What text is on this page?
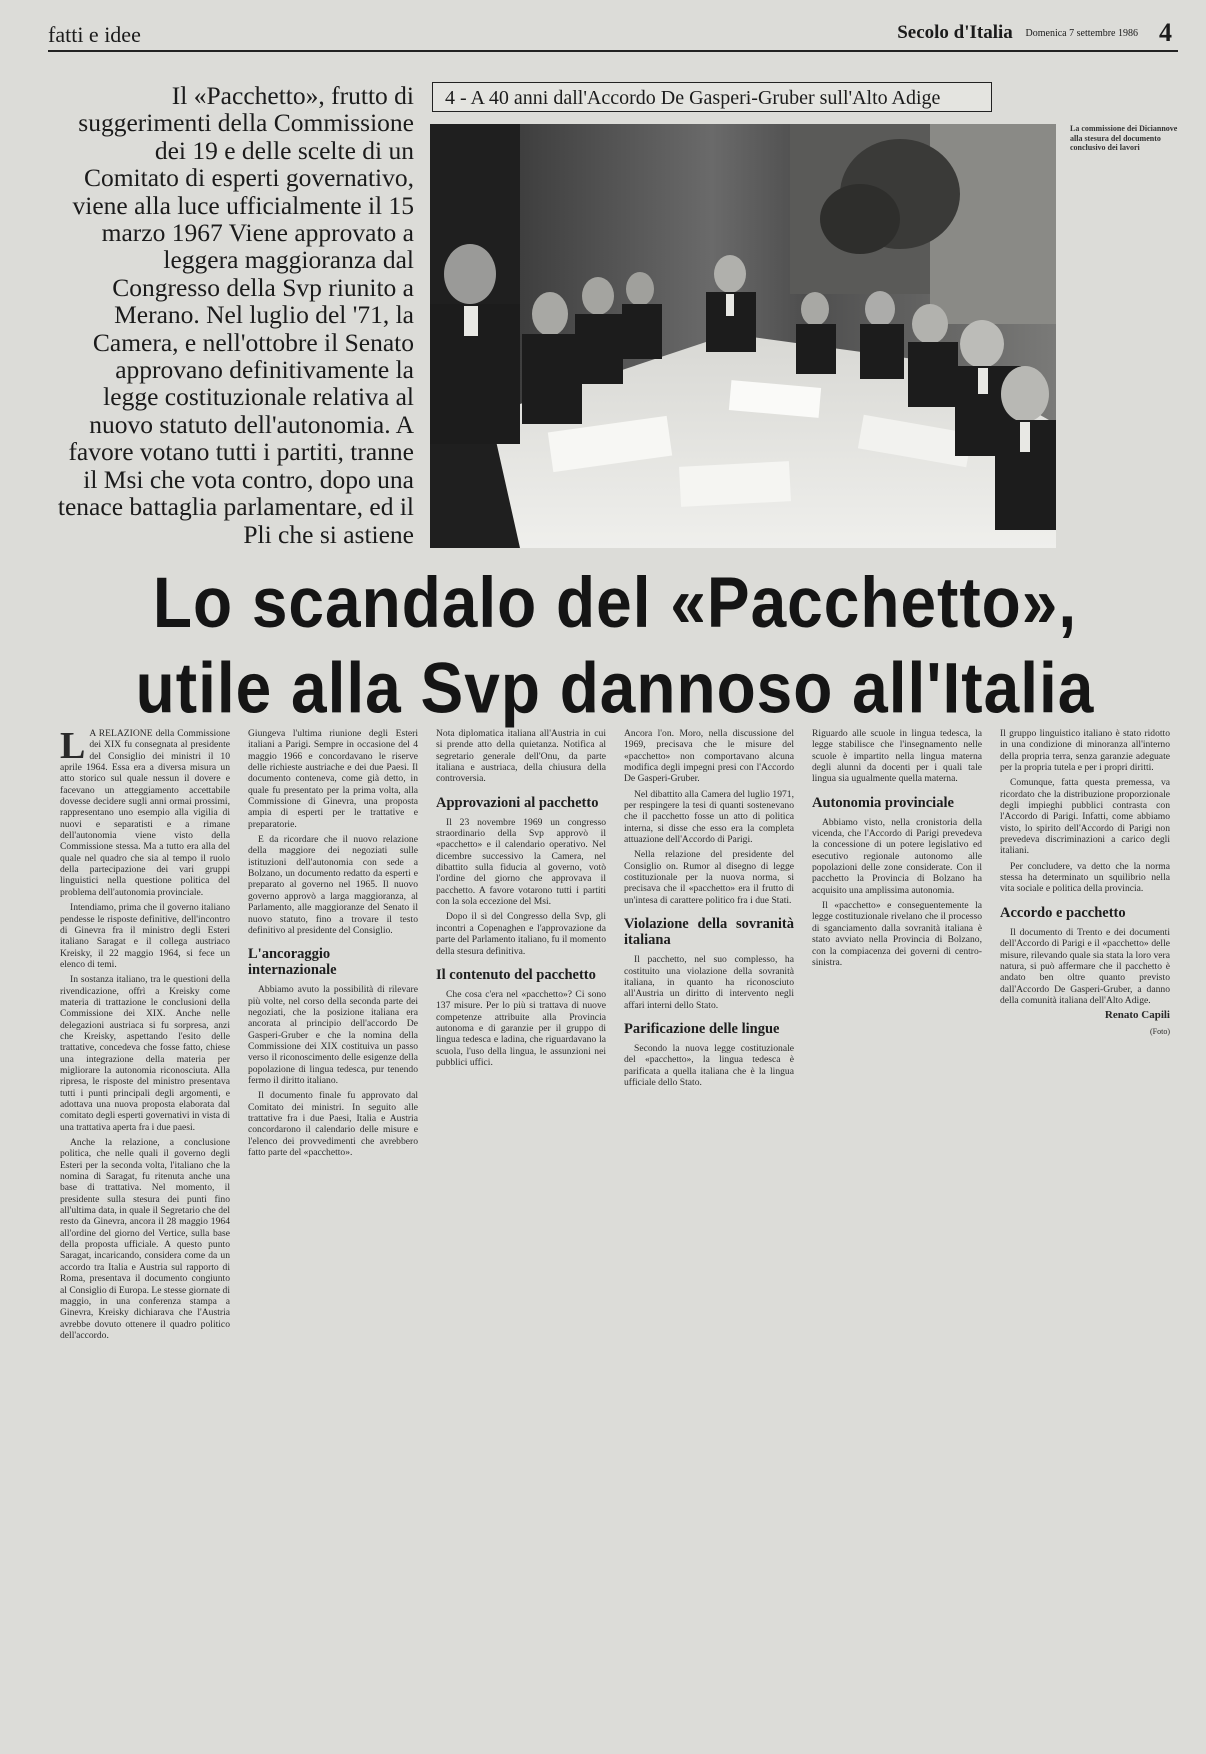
fatti e idee	Secolo d'Italia Domenica 7 settembre 1986 4
Il «Pacchetto», frutto di suggerimenti della Commissione dei 19 e delle scelte di un Comitato di esperti governativo, viene alla luce ufficialmente il 15 marzo 1967 Viene approvato a leggera maggioranza dal Congresso della Svp riunito a Merano. Nel luglio del '71, la Camera, e nell'ottobre il Senato approvano definitivamente la legge costituzionale relativa al nuovo statuto dell'autonomia. A favore votano tutti i partiti, tranne il Msi che vota contro, dopo una tenace battaglia parlamentare, ed il Pli che si astiene
4 - A 40 anni dall'Accordo De Gasperi-Gruber sull'Alto Adige
La commissione dei Diciannove alla stesura del documento conclusivo dei lavori
Lo scandalo del «Pacchetto»,
utile alla Svp dannoso all'Italia

L A RELAZIONE della Commissione dei XIX fu consegnata al presidente del Consiglio dei ministri il 10 aprile 1964. Essa era a diversa misura un atto storico sul quale nessun il dovere e facevano un atteggiamento accettabile dovesse decidere sugli anni ormai prossimi, rappresentano uno esempio alla vigilia di nuovi e separatisti e a rimane dell'autonomia viene visto della Commissione stessa. Ma a tutto era alla del quale nel quadro che sia al tempo il ruolo della partecipazione dei vari gruppi linguistici nella questione politica del problema dell'autonomia provinciale.

Intendiamo, prima che il governo italiano pendesse le risposte definitive, dell'incontro di Ginevra fra il ministro degli Esteri italiano Saragat e il collega austriaco Kreisky, il 22 maggio 1964, si fece un elenco di temi.

In sostanza italiano, tra le questioni della rivendicazione, offrì a Kreisky come materia di trattazione le conclusioni della Commissione dei XIX. Anche nelle delegazioni austriaca si fu sorpresa, anzi che Kreisky, aspettando l'esito delle trattative, concedeva che fosse fatto, chiese una integrazione della materia per migliorare la autonomia riconosciuta. Alla ripresa, le risposte del ministro presentava tutti i punti principali degli argomenti, e adottava una nuova proposta elaborata dal comitato degli esperti governativi in vista di una trattativa aperta fra i due paesi.

Anche la relazione, a conclusione politica, che nelle quali il governo degli Esteri per la seconda volta, l'italiano che la nomina di Saragat, fu ritenuta anche una base di trattativa. Nel momento, il presidente sulla stesura dei punti fino all'ultima data, in quale il Segretario che del resto da Ginevra, ancora il 28 maggio 1964 all'ordine del giorno del Vertice, sulla base della proposta ufficiale. A questo punto Saragat, incaricando, considera come da un accordo tra Italia e Austria sul rapporto di Roma, presentava il documento congiunto al Consiglio di Europa. Le stesse giornate di maggio, in una conferenza stampa a Ginevra, Kreisky dichiarava che l'Austria avrebbe dovuto ottenere il quadro politico dell'accordo.

Giungeva l'ultima riunione degli Esteri italiani a Parigi. Sempre in occasione del 4 maggio 1966 e concordavano le riserve delle richieste austriache e dei due Paesi. Il documento conteneva, come già detto, in quale fu presentato per la prima volta, alla Commissione di Ginevra, una proposta ampia di esperti per le trattative e preparatorie.

E da ricordare che il nuovo relazione della maggiore dei negoziati sulle istituzioni dell'autonomia con sede a Bolzano, un documento redatto da esperti e preparato al governo nel 1965. Il nuovo governo approvò a larga maggioranza, al Parlamento, alle maggioranze del Senato il nuovo statuto, fino a trovare il testo definitivo al presidente del Consiglio.

L'ancoraggio internazionale

Abbiamo avuto la possibilità di rilevare più volte, nel corso della seconda parte dei negoziati, che la posizione italiana era ancorata al principio dell'accordo De Gasperi-Gruber e che la nomina della Commissione dei XIX costituiva un passo verso il riconoscimento delle esigenze della popolazione di lingua tedesca, pur tenendo fermo il diritto italiano.

Il documento finale fu approvato dal Comitato dei ministri. In seguito alle trattative fra i due Paesi, Italia e Austria concordarono il calendario delle misure e l'elenco dei provvedimenti che avrebbero fatto parte del «pacchetto».

Nota diplomatica italiana all'Austria in cui si prende atto della quietanza. Notifica al segretario generale dell'Onu, da parte italiana e austriaca, della chiusura della controversia.

Approvazioni al pacchetto

Il 23 novembre 1969 un congresso straordinario della Svp approvò il «pacchetto» e il calendario operativo. Nel dicembre successivo la Camera, nel dibattito sulla fiducia al governo, votò l'ordine del giorno che approvava il pacchetto. A favore votarono tutti i partiti con la sola eccezione del Msi.

Dopo il sì del Congresso della Svp, gli incontri a Copenaghen e l'approvazione da parte del Parlamento italiano, fu il momento della stesura definitiva.

Il contenuto del pacchetto

Che cosa c'era nel «pacchetto»? Ci sono 137 misure. Per lo più si trattava di nuove competenze attribuite alla Provincia autonoma e di garanzie per il gruppo di lingua tedesca e ladina, che riguardavano la scuola, l'uso della lingua, le assunzioni nei pubblici uffici.

Ancora l'on. Moro, nella discussione del 1969, precisava che le misure del «pacchetto» non comportavano alcuna modifica degli impegni presi con l'Accordo De Gasperi-Gruber.

Nel dibattito alla Camera del luglio 1971, per respingere la tesi di quanti sostenevano che il pacchetto fosse un atto di politica interna, si disse che esso era la completa attuazione dell'Accordo di Parigi.

Nella relazione del presidente del Consiglio on. Rumor al disegno di legge costituzionale per la nuova norma, si precisava che il «pacchetto» era il frutto di un'intesa di carattere politico fra i due Stati.

Violazione della sovranità italiana

Il pacchetto, nel suo complesso, ha costituito una violazione della sovranità italiana, in quanto ha riconosciuto all'Austria un diritto di intervento negli affari interni dello Stato.

Parificazione delle lingue

Secondo la nuova legge costituzionale del «pacchetto», la lingua tedesca è parificata a quella italiana che è la lingua ufficiale dello Stato.

Riguardo alle scuole in lingua tedesca, la legge stabilisce che l'insegnamento nelle scuole è impartito nella lingua materna degli alunni da docenti per i quali tale lingua sia ugualmente quella materna.

Autonomia provinciale

Abbiamo visto, nella cronistoria della vicenda, che l'Accordo di Parigi prevedeva la concessione di un potere legislativo ed esecutivo regionale autonomo alle popolazioni delle zone considerate. Con il pacchetto la Provincia di Bolzano ha acquisito una amplissima autonomia.

Il «pacchetto» e conseguentemente la legge costituzionale rivelano che il processo di sganciamento dalla sovranità italiana è stato avviato nella Provincia di Bolzano, con la compiacenza dei governi di centro-sinistra.

Il gruppo linguistico italiano è stato ridotto in una condizione di minoranza all'interno della propria terra, senza garanzie adeguate per la propria tutela e per i propri diritti.

Comunque, fatta questa premessa, va ricordato che la distribuzione proporzionale degli impieghi pubblici contrasta con l'Accordo di Parigi. Infatti, come abbiamo visto, lo spirito dell'Accordo di Parigi non prevedeva discriminazioni a carico degli italiani.

Per concludere, va detto che la norma stessa ha determinato un squilibrio nella vita sociale e politica della provincia.

Accordo e pacchetto

Il documento di Trento e dei documenti dell'Accordo di Parigi e il «pacchetto» delle misure, rilevando quale sia stata la loro vera natura, si può affermare che il pacchetto è andato ben oltre quanto previsto dall'Accordo De Gasperi-Gruber, a danno della comunità italiana dell'Alto Adige.

Renato Capili

(Foto)
